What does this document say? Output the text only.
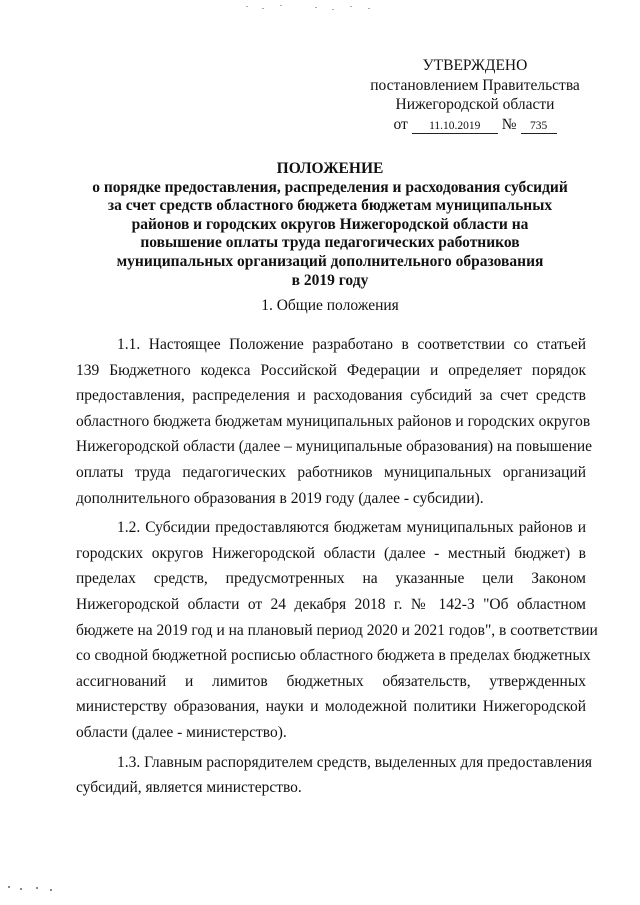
УТВЕРЖДЕНО
постановлением Правительства
Нижегородской области
от	11.10.2019	№	735
ПОЛОЖЕНИЕ
о порядке предоставления, распределения и расходования субсидий
за счет средств областного бюджета бюджетам муниципальных
районов и городских округов Нижегородской области на
повышение оплаты труда педагогических работников
муниципальных организаций дополнительного образования
в 2019 году
1. Общие положения
1.1. Настоящее Положение разработано в соответствии со статьей
139 Бюджетного кодекса Российской Федерации и определяет порядок
предоставления, распределения и расходования субсидий за счет средств
областного бюджета бюджетам муниципальных районов и городских округов
Нижегородской области (далее – муниципальные образования) на повышение
оплаты труда педагогических работников муниципальных организаций
дополнительного образования в 2019 году (далее - субсидии).
1.2. Субсидии предоставляются бюджетам муниципальных районов и
городских округов Нижегородской области (далее - местный бюджет) в
пределах средств, предусмотренных на указанные цели Законом
Нижегородской области от 24 декабря 2018 г. № 142-З "Об областном
бюджете на 2019 год и на плановый период 2020 и 2021 годов", в соответствии
со сводной бюджетной росписью областного бюджета в пределах бюджетных
ассигнований и лимитов бюджетных обязательств, утвержденных
министерству образования, науки и молодежной политики Нижегородской
области (далее - министерство).
1.3. Главным распорядителем средств, выделенных для предоставления
субсидий, является министерство.
